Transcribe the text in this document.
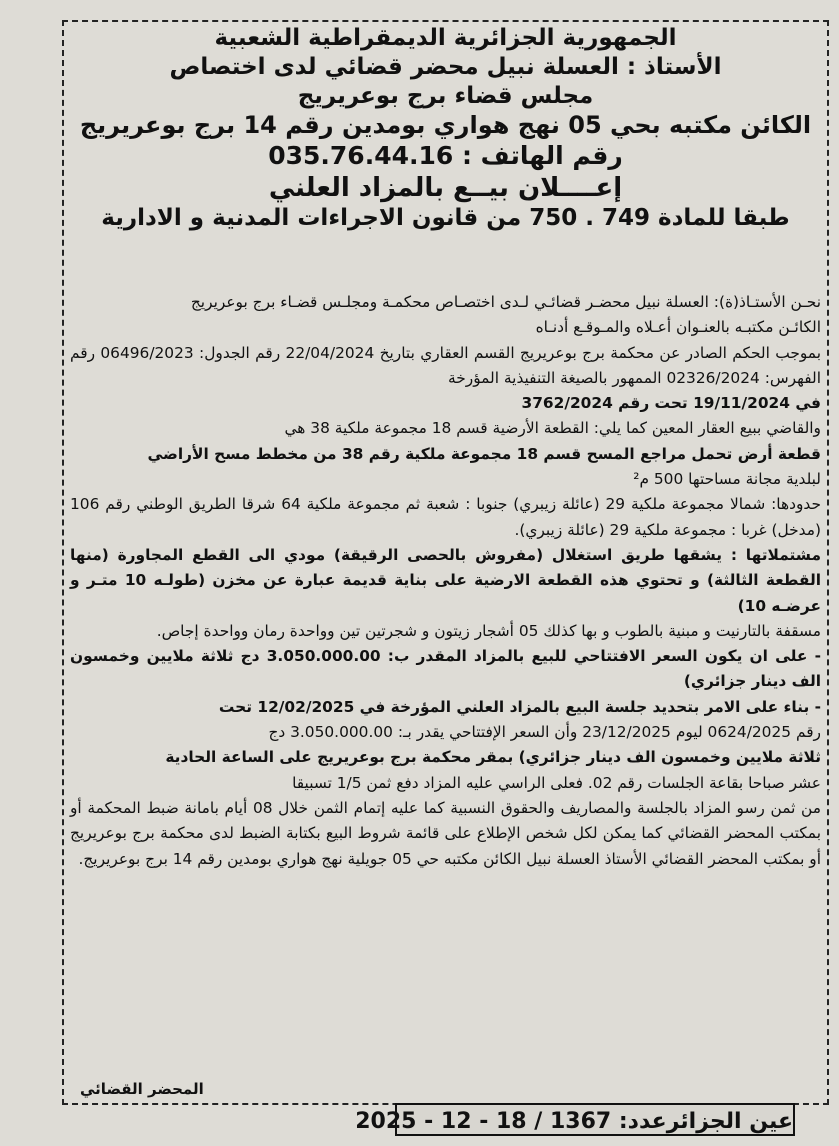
الجمهورية الجزائرية الديمقراطية الشعبية
الأستاذ : العسلة نبيل محضر قضائي لدى اختصاص
مجلس قضاء برج بوعريريج
الكائن مكتبه بحي 05 نهج هواري بومدين رقم 14 برج بوعريريج
رقم الهاتف : 035.76.44.16
إعــــلان بيــع بالمزاد العلني
طبقا للمادة 749 . 750 من قانون الاجراءات المدنية و الادارية

نحـن الأستـاذ(ة): العسلة نبيل محضـر قضائـي لـدى اختصـاص محكمـة ومجلـس قضـاء برج بوعريريج

الكائـن مكتبـه بالعنـوان أعـلاه والمـوقـع أدنـاه

بموجب الحكم الصادر عن محكمة برج بوعريريج القسم العقاري بتاريخ 22/04/2024 رقم الجدول: 06496/2023 رقم الفهرس: 02326/2024 الممهور بالصيغة التنفيذية المؤرخة

في 19/11/2024 تحت رقم 3762/2024

والقاضي ببيع العقار المعين كما يلي: القطعة الأرضية قسم 18 مجموعة ملكية 38 هي

قطعة أرض تحمل مراجع المسح قسم 18 مجموعة ملكية رقم 38 من مخطط مسح الأراضي

لبلدية مجانة مساحتها 500 م²

حدودها: شمالا مجموعة ملكية 29 (عائلة زيبري) جنوبا : شعبة ثم مجموعة ملكية 64 شرقا الطريق الوطني رقم 106 (مدخل) غربا : مجموعة ملكية 29 (عائلة زيبري).

مشتملاتها : يشقها طريق استغلال (مفروش بالحصى الرقيقة) مودي الى القطع المجاورة (منها القطعة الثالثة) و تحتوي هذه القطعة الارضية على بناية قديمة عبارة عن مخزن (طولـه 10 متـر و عرضـه 10)

مسقفة بالتارنيت و مبنية بالطوب و بها كذلك 05 أشجار زيتون و شجرتين تين وواحدة رمان وواحدة إجاص.

- على ان يكون السعر الافتتاحي للبيع بالمزاد المقدر ب: 3.050.000.00 دج ثلاثة ملايين وخمسون الف دينار جزائري)

- بناء على الامر بتحديد جلسة البيع بالمزاد العلني المؤرخة في 12/02/2025 تحت

رقم 0624/2025 ليوم 23/12/2025 وأن السعر الإفتتاحي يقدر بـ: 3.050.000.00 دج

ثلاثة ملايين وخمسون الف دينار جزائري) بمقر محكمة برج بوعريريج على الساعة الحادية

عشر صباحا بقاعة الجلسات رقم 02. فعلى الراسي عليه المزاد دفع ثمن 1/5 تسبيقا

من ثمن رسو المزاد بالجلسة والمصاريف والحقوق النسبية كما عليه إتمام الثمن خلال 08 أيام بامانة ضبط المحكمة أو بمكتب المحضر القضائي كما يمكن لكل شخص الإطلاع على قائمة شروط البيع بكتابة الضبط لدى محكمة برج بوعريريج أو بمكتب المحضر القضائي الأستاذ العسلة نبيل الكائن مكتبه حي 05 جويلية نهج هواري بومدين رقم 14 برج بوعريريج.

المحضر القضائي
عين الجزائرعدد: 1367 / 18 - 12 - 2025
